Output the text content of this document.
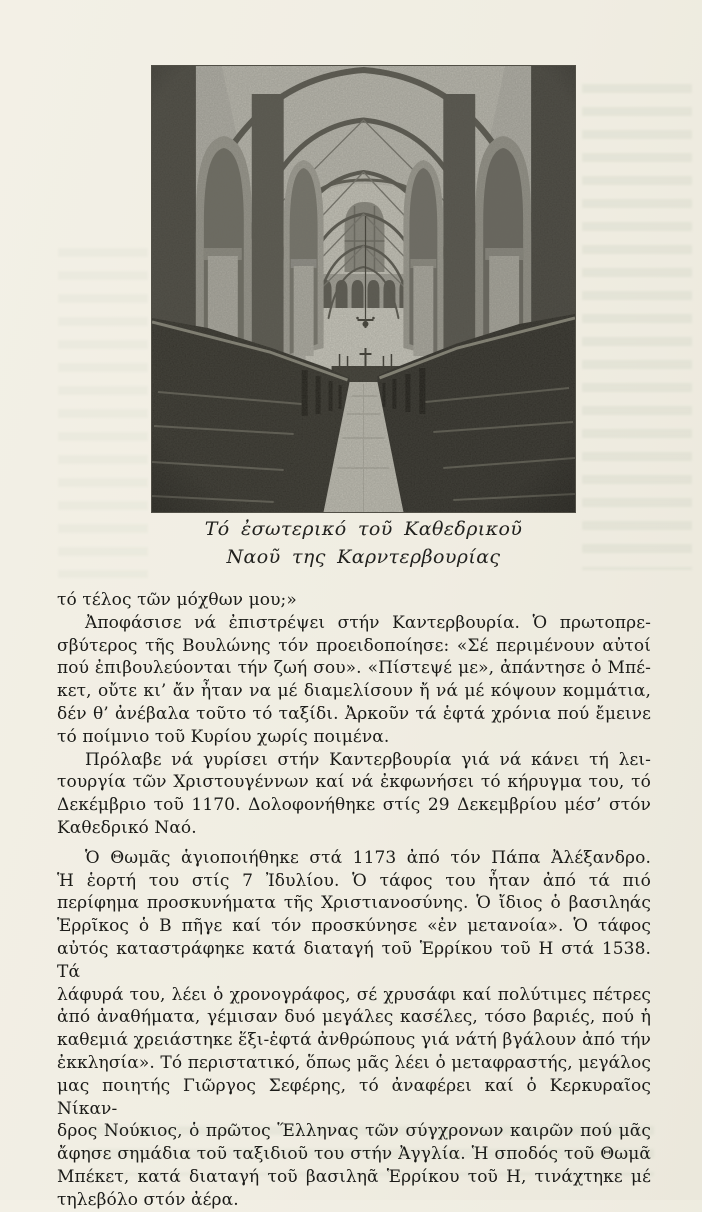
Τό ἐσωτερικό τοῦ Καθεδρικοῦ
Ναοῦ της Καρντερβουρίας
τό τέλος τῶν μόχθων μου;»
Ἀποφάσισε νά ἐπιστρέψει στήν Καντερβουρία. Ὁ πρωτοπρε-
σβύτερος τῆς Βουλώνης τόν προειδοποίησε: «Σέ περιμένουν αὐτοί
πού ἐπιβουλεύονται τήν ζωή σου». «Πίστεψέ με», ἀπάντησε ὁ Μπέ-
κετ, οὔτε κι’ ἄν ἦταν να μέ διαμελίσουν ἤ νά μέ κόψουν κομμάτια,
δέν θ’ ἀνέβαλα τοῦτο τό ταξίδι. Ἀρκοῦν τά ἑφτά χρόνια πού ἔμεινε
τό ποίμνιο τοῦ Κυρίου χωρίς ποιμένα.
Πρόλαβε νά γυρίσει στήν Καντερβουρία γιά νά κάνει τή λει-
τουργία τῶν Χριστουγέννων καί νά ἐκφωνήσει τό κήρυγμα του, τό
Δεκέμβριο τοῦ 1170. Δολοφονήθηκε στίς 29 Δεκεμβρίου μέσ’ στόν
Καθεδρικό Ναό.
Ὁ Θωμᾶς ἁγιοποιήθηκε στά 1173 ἀπό τόν Πάπα Ἀλέξανδρο.
Ἡ ἑορτή του στίς 7 Ἰδυλίου. Ὁ τάφος του ἦταν ἀπό τά πιό
περίφημα προσκυνήματα τῆς Χριστιανοσύνης. Ὁ ἴδιος ὁ βασιληάς
Ἑρρῖκος ὁ Β πῆγε καί τόν προσκύνησε «ἐν μετανοία». Ὁ τάφος
αὐτός καταστράφηκε κατά διαταγή τοῦ Ἑρρίκου τοῦ Η στά 1538. Τά
λάφυρά του, λέει ὁ χρονογράφος, σέ χρυσάφι καί πολύτιμες πέτρες
ἀπό ἀναθήματα, γέμισαν δυό μεγάλες κασέλες, τόσο βαριές, πού ἡ
καθεμιά χρειάστηκε ἕξι-ἑφτά ἀνθρώπους γιά νάτή βγάλουν ἀπό τήν
ἐκκλησία». Τό περιστατικό, ὅπως μᾶς λέει ὁ μεταφραστής, μεγάλος
μας ποιητής Γιῶργος Σεφέρης, τό ἀναφέρει καί ὁ Κερκυραῖος Νίκαν-
δρος Νούκιος, ὁ πρῶτος Ἕλληνας τῶν σύγχρονων καιρῶν πού μᾶς
ἄφησε σημάδια τοῦ ταξιδιοῦ του στήν Ἀγγλία. Ἡ σποδός τοῦ Θωμᾶ
Μπέκετ, κατά διαταγή τοῦ βασιληᾶ Ἑρρίκου τοῦ Η, τινάχτηκε μέ
τηλεβόλο στόν ἀέρα.
